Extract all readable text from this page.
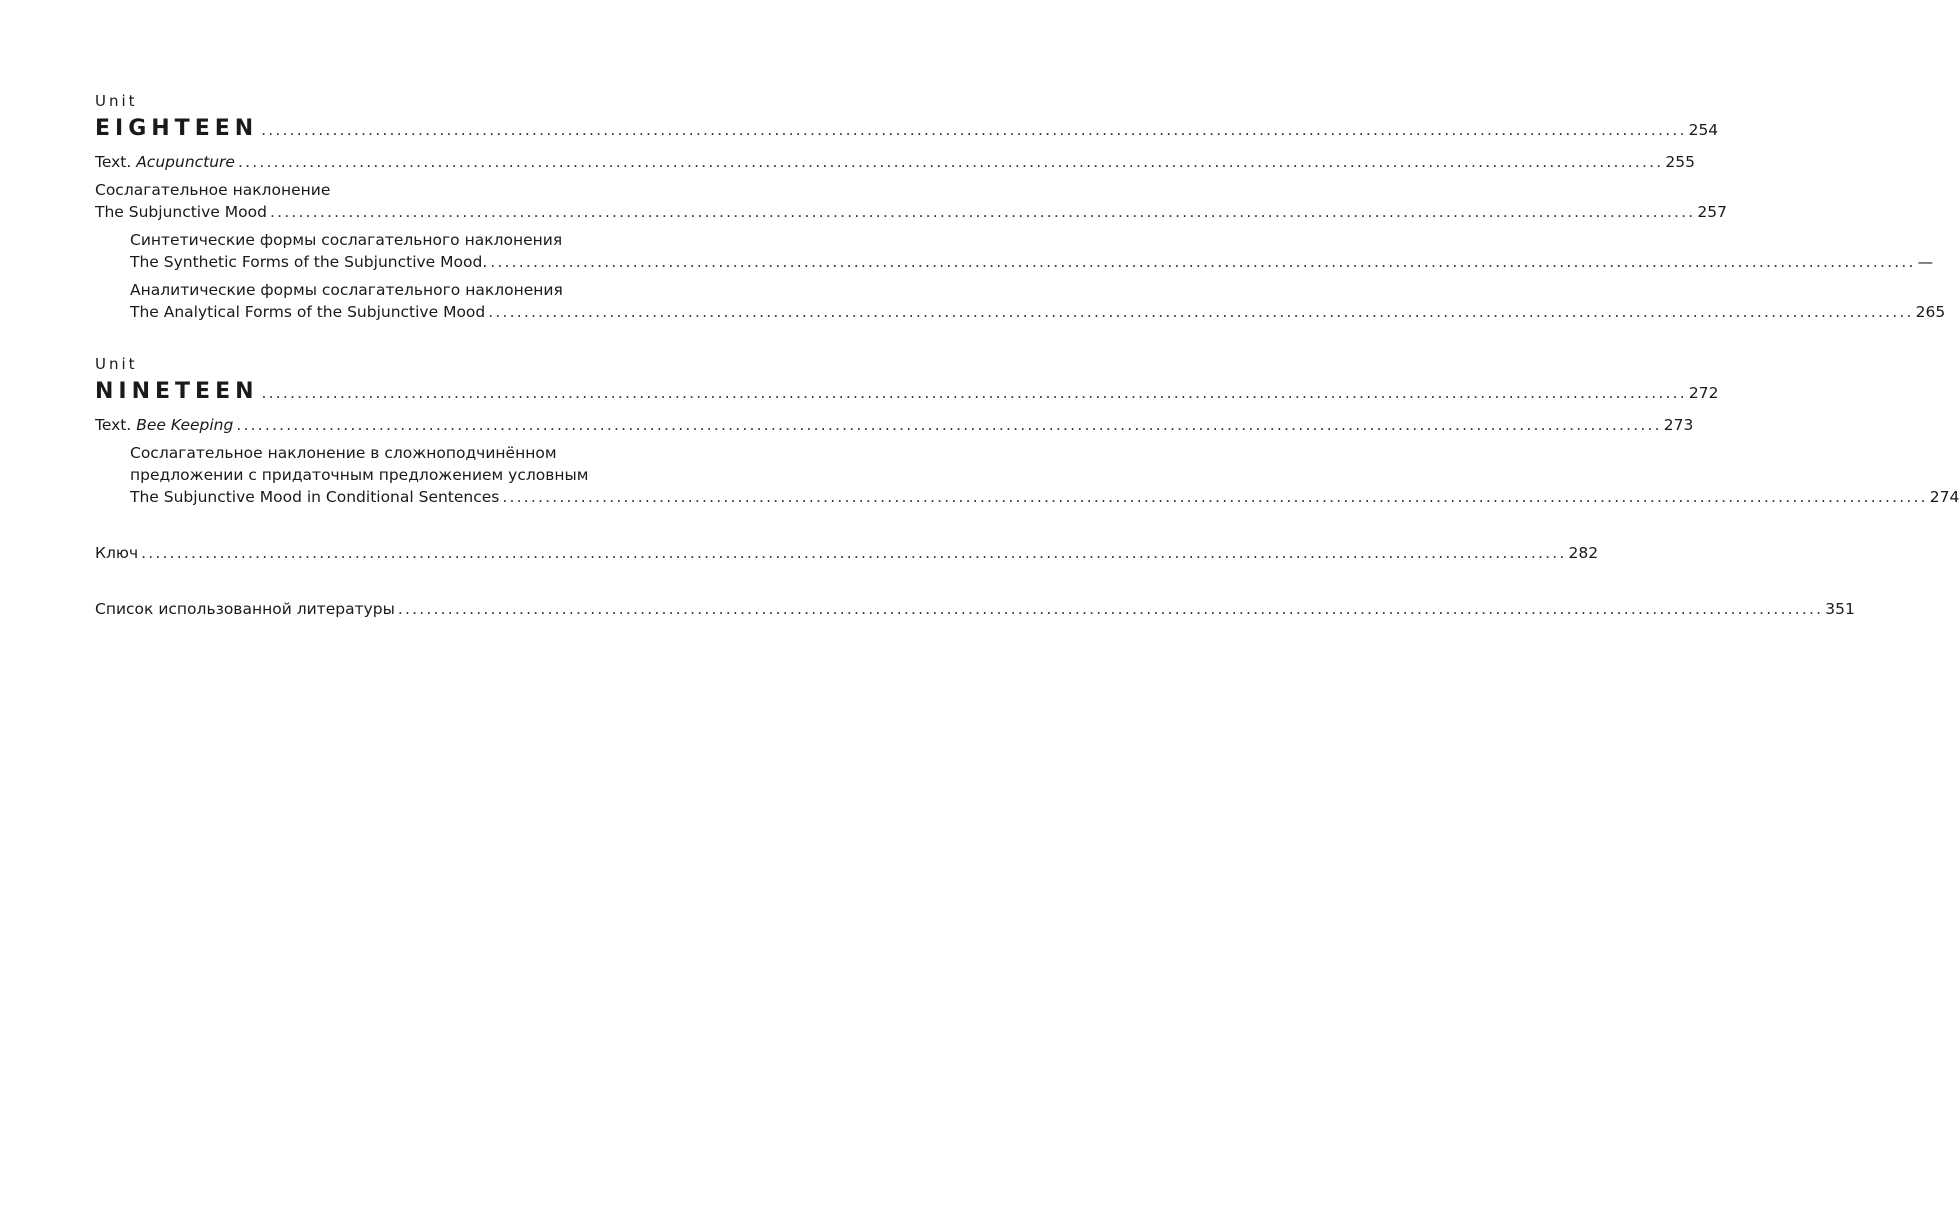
Unit
EIGHTEEN ........................................................................................................................................................................................................ 254
Text. Acupuncture ........................................................................................................................................................................................................ 255
Сослагательное наклонение
The Subjunctive Mood ........................................................................................................................................................................................................ 257
Синтетические формы сослагательного наклонения
The Synthetic Forms of the Subjunctive Mood. ........................................................................................................................................................................................................ —
Аналитические формы сослагательного наклонения
The Analytical Forms of the Subjunctive Mood ........................................................................................................................................................................................................ 265
Unit
NINETEEN ........................................................................................................................................................................................................ 272
Text. Bee Keeping ........................................................................................................................................................................................................ 273
Сослагательное наклонение в сложноподчинённом
предложении с придаточным предложением условным
The Subjunctive Mood in Conditional Sentences ........................................................................................................................................................................................................ 274
Ключ ........................................................................................................................................................................................................ 282
Список использованной литературы ........................................................................................................................................................................................................ 351
